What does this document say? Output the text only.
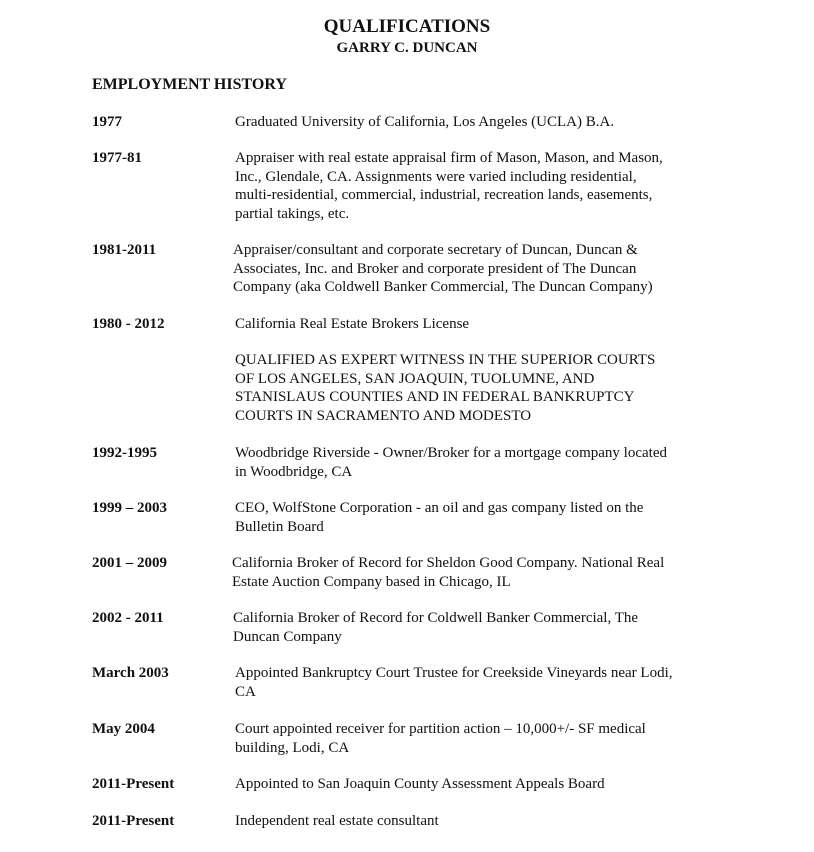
QUALIFICATIONS
GARRY C. DUNCAN
EMPLOYMENT HISTORY
1977	Graduated University of California, Los Angeles (UCLA) B.A.
1977-81	Appraiser with real estate appraisal firm of Mason, Mason, and Mason,
Inc., Glendale, CA. Assignments were varied including residential,
multi-residential, commercial, industrial, recreation lands, easements,
partial takings, etc.
1981-2011	Appraiser/consultant and corporate secretary of Duncan, Duncan &
Associates, Inc. and Broker and corporate president of The Duncan
Company (aka Coldwell Banker Commercial, The Duncan Company)
1980 - 2012	California Real Estate Brokers License
QUALIFIED AS EXPERT WITNESS IN THE SUPERIOR COURTS
OF LOS ANGELES, SAN JOAQUIN, TUOLUMNE, AND
STANISLAUS COUNTIES AND IN FEDERAL BANKRUPTCY
COURTS IN SACRAMENTO AND MODESTO
1992-1995	Woodbridge Riverside - Owner/Broker for a mortgage company located
in Woodbridge, CA
1999 – 2003	CEO, WolfStone Corporation - an oil and gas company listed on the
Bulletin Board
2001 – 2009	California Broker of Record for Sheldon Good Company. National Real
Estate Auction Company based in Chicago, IL
2002 - 2011	California Broker of Record for Coldwell Banker Commercial, The
Duncan Company
March 2003	Appointed Bankruptcy Court Trustee for Creekside Vineyards near Lodi,
CA
May 2004	Court appointed receiver for partition action – 10,000+/- SF medical
building, Lodi, CA
2011-Present	Appointed to San Joaquin County Assessment Appeals Board
2011-Present	Independent real estate consultant
